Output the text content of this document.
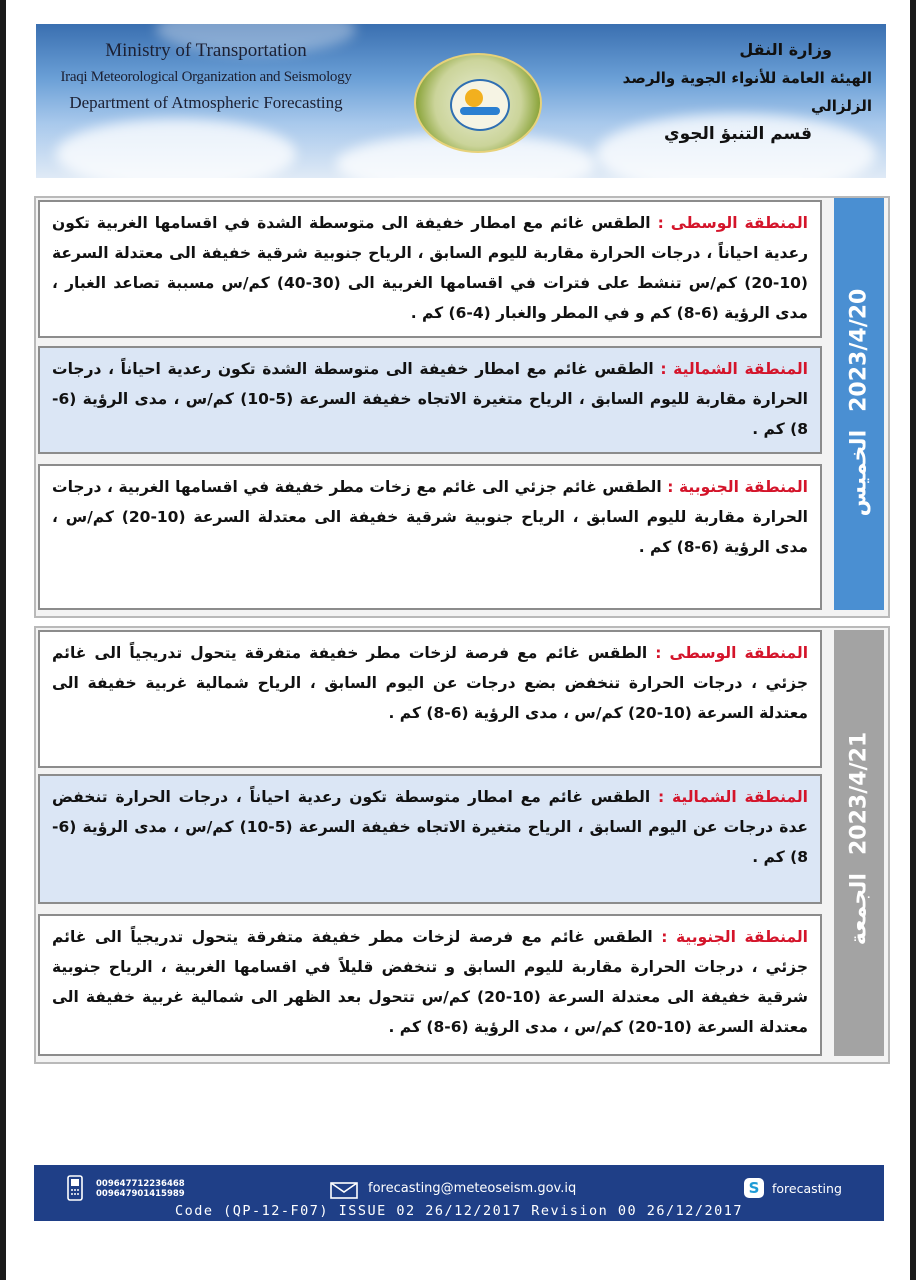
Ministry of Transportation
Iraqi Meteorological Organization and Seismology
Department of Atmospheric Forecasting
وزارة النقل
الهيئة العامة للأنواء الجوية والرصد الزلزالي
قسم التنبؤ الجوي
2023/4/20الخميس
المنطقة الوسطى : الطقس غائم مع امطار خفيفة الى متوسطة الشدة في اقسامها الغربية تكون رعدية احياناً ، درجات الحرارة مقاربة لليوم السابق ، الرياح جنوبية شرقية خفيفة الى معتدلة السرعة (10-20) كم/س تنشط على فترات في اقسامها الغربية الى (30-40) كم/س مسببة تصاعد الغبار ، مدى الرؤية (6-8) كم و في المطر والغبار (4-6) كم .
المنطقة الشمالية : الطقس غائم مع امطار خفيفة الى متوسطة الشدة تكون رعدية احياناً ، درجات الحرارة مقاربة لليوم السابق ، الرياح متغيرة الاتجاه خفيفة السرعة (5-10) كم/س ، مدى الرؤية (6-8) كم .
المنطقة الجنوبية : الطقس غائم جزئي الى غائم مع زخات مطر خفيفة في اقسامها الغربية ، درجات الحرارة مقاربة لليوم السابق ، الرياح جنوبية شرقية خفيفة الى معتدلة السرعة (10-20) كم/س ، مدى الرؤية (6-8) كم .
2023/4/21الجمعة
المنطقة الوسطى : الطقس غائم مع فرصة لزخات مطر خفيفة متفرقة يتحول تدريجياً الى غائم جزئي ، درجات الحرارة تنخفض بضع درجات عن اليوم السابق ، الرياح شمالية غربية خفيفة الى معتدلة السرعة (10-20) كم/س ، مدى الرؤية (6-8) كم .
المنطقة الشمالية : الطقس غائم مع امطار متوسطة تكون رعدية احياناً ، درجات الحرارة تنخفض عدة درجات عن اليوم السابق ، الرياح متغيرة الاتجاه خفيفة السرعة (5-10) كم/س ، مدى الرؤية (6-8) كم .
المنطقة الجنوبية : الطقس غائم مع فرصة لزخات مطر خفيفة متفرقة يتحول تدريجياً الى غائم جزئي ، درجات الحرارة مقاربة لليوم السابق و تنخفض قليلاً في اقسامها الغربية ، الرياح جنوبية شرقية خفيفة الى معتدلة السرعة (10-20) كم/س تتحول بعد الظهر الى شمالية غربية خفيفة الى معتدلة السرعة (10-20) كم/س ، مدى الرؤية (6-8) كم .
009647712236468
009647901415989	forecasting@meteoseism.gov.iq	S	forecasting
Code (QP-12-F07) ISSUE 02 26/12/2017 Revision 00 26/12/2017
